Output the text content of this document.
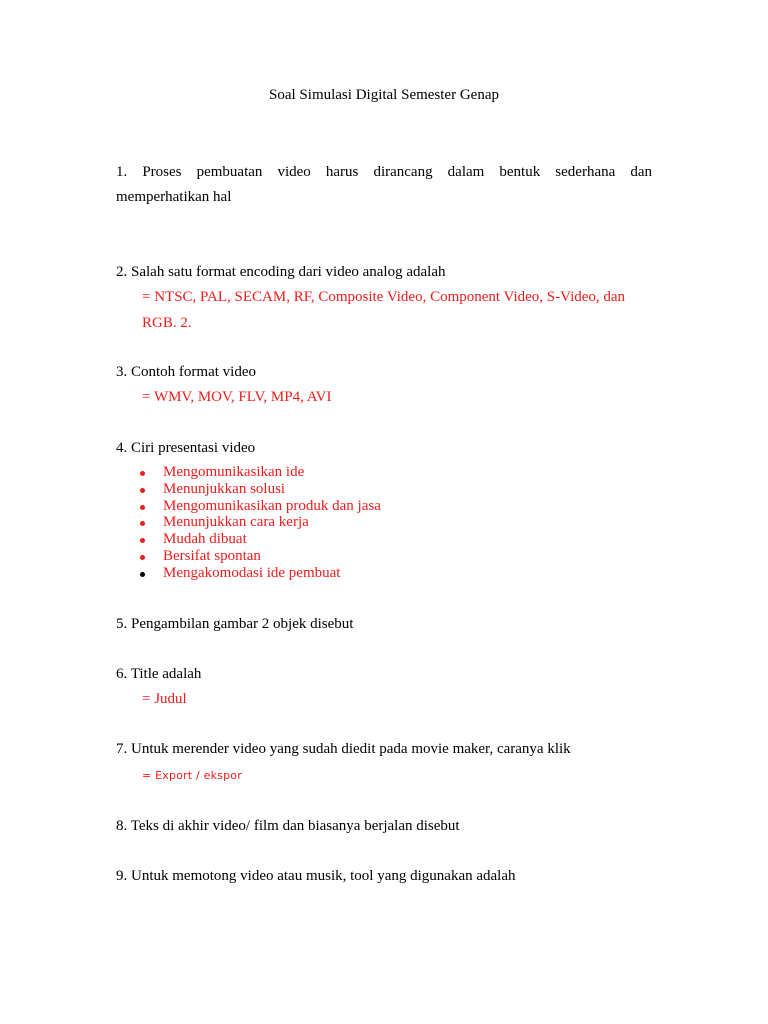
Soal Simulasi Digital Semester Genap
1. Proses pembuatan video harus dirancang dalam bentuk sederhana dan
memperhatikan hal
2. Salah satu format encoding dari video analog adalah
= NTSC, PAL, SECAM, RF, Composite Video, Component Video, S-Video, dan
RGB. 2.
3. Contoh format video
= WMV, MOV, FLV, MP4, AVI
4. Ciri presentasi video
Mengomunikasikan ide
Menunjukkan solusi
Mengomunikasikan produk dan jasa
Menunjukkan cara kerja
Mudah dibuat
Bersifat spontan
Mengakomodasi ide pembuat
5. Pengambilan gambar 2 objek disebut
6. Title adalah
= Judul
7. Untuk merender video yang sudah diedit pada movie maker, caranya klik
= Export / ekspor
8. Teks di akhir video/ film dan biasanya berjalan disebut
9. Untuk memotong video atau musik, tool yang digunakan adalah
